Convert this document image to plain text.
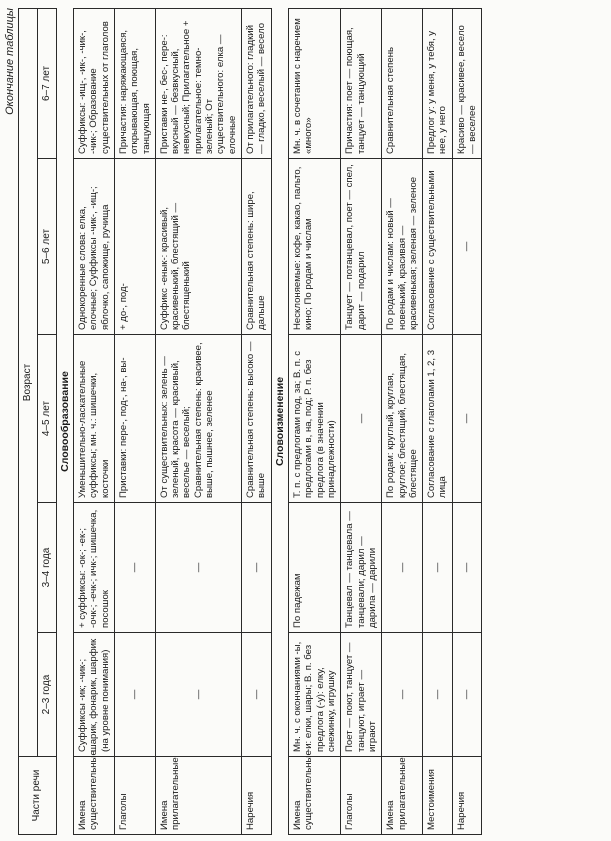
Окончание таблицы
Части речи	Возраст				
	2–3 года	3–4 года	4–5 лет	5–6 лет	6–7 лет
Словообразование					
Имена существительные	Суффиксы -ик; -чик-; шарик, фонарик, шарфик (на уровне понимания)	+ суффиксы: -ок-; -ек-; -очк-; -ечк-; ичк-; шишечка, посошок	Уменьшительно-ласкательные суффиксы; мн. ч.: шишечки, косточки	Однокоренные слова: елка, елочные; Суффиксы -чик-, -ищ-; яблочко, сапожище, ручища	Суффиксы: -ищ-, -ик-, -чик-, -чик-; Образование существительных от глаголов
Глаголы	—	—	Приставки: пере-, под-, на-, вы-	+ до-, под-	Причастия: наряжающаяся, открывающая, поющая, танцующая
Имена прилагательные	—	—	От существительных: зелень — зеленый, красота — красивый, веселье — веселый; Сравнительная степень: красивее, выше, пышнее, зеленее	Суффикс -енык-: красивый, красивенький, блестящий — блестященький	Приставки не-, бес-, пере-: вкусный — безвкусный, невкусный; Прилагательное + прилагательное: темно-зеленый; От существительного: елка — елочные
Наречия	—	—	Сравнительная степень: высоко — выше	Сравнительная степень: шире, дальше	От прилагательного: гладкий — гладко, веселый — весело
Словоизменение					
Имена существительные	Мн. ч. с окончаниями -ы, -и: елки, шары; В. п. без предлога (-у): елку, снежинку, игрушку	По падежам	Т. п. с предлогами под, за; В. п. с предлогами в, на, под; Р. п. без предлога (в значении принадлежности)	Несклоняемые: кофе, какао, пальто, кино; По родам и числам	Мн. ч. в сочетании с наречием «много»
Глаголы	Поет — поют, танцует — танцуют, играет — играют	Танцевал — танцевала — танцевали; дарил — дарила — дарили	—	Танцует — потанцевал, поет — спел, дарит — подарил	Причастия: поет — поющая, танцует — танцующий
Имена прилагательные	—	—	По родам: круглый, круглая, круглое; блестящий, блестящая, блестящее	По родам и числам: новый — новенький, красивая — красивенькая; зеленая — зеленое	Сравнительная степень
Местоимения	—	—	Согласование с глаголами 1, 2, 3 лица	Согласование с существительными	Предлог у: у меня, у тебя, у нее, у него
Наречия	—	—	—	—	Красиво — красивее, весело — веселее
